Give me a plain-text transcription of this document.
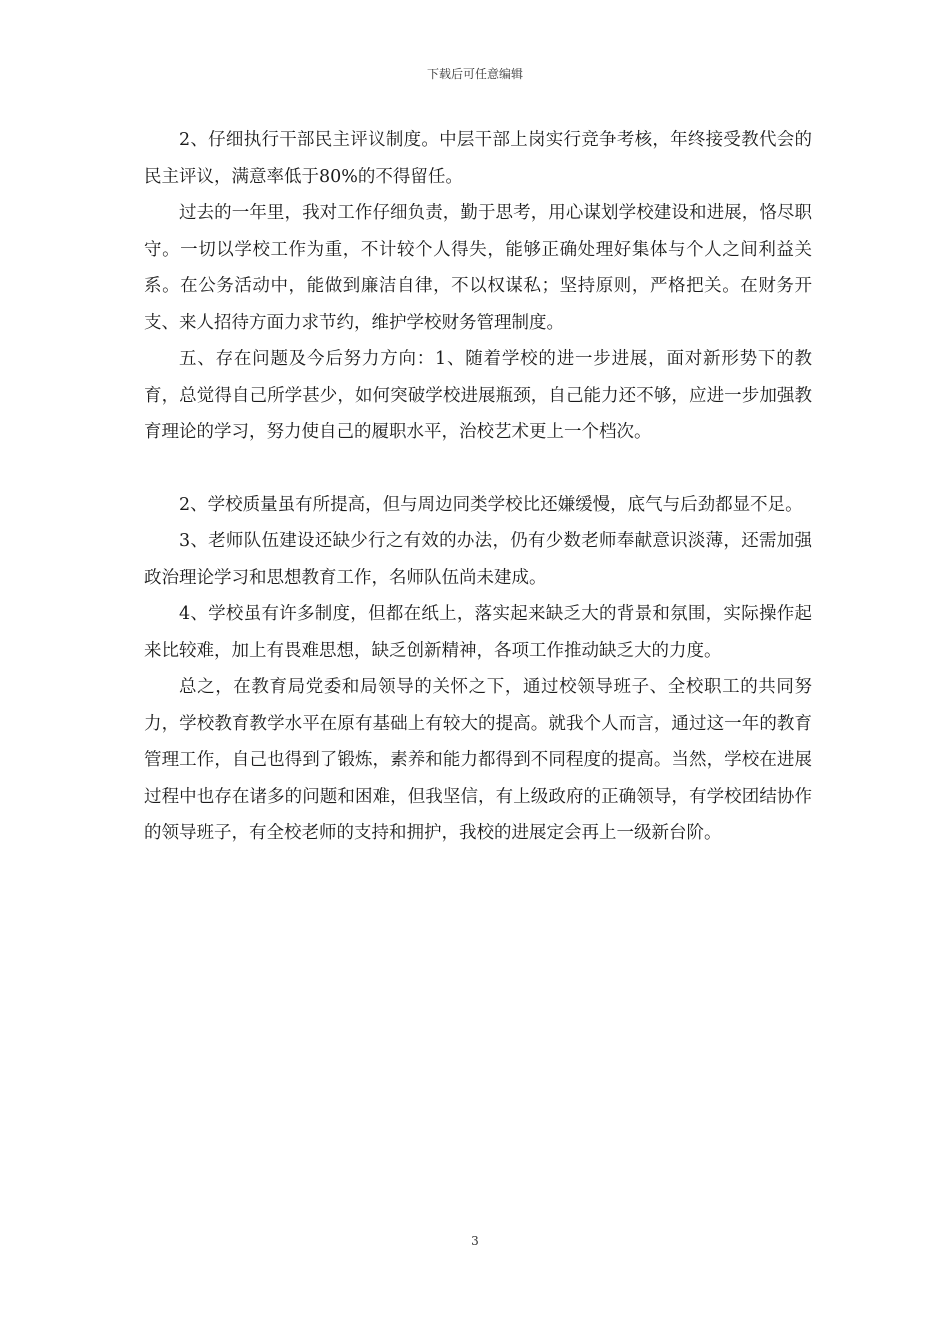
下载后可任意编辑

2、仔细执行干部民主评议制度。中层干部上岗实行竞争考核，年终接受教代会的民主评议，满意率低于80%的不得留任。

过去的一年里，我对工作仔细负责，勤于思考，用心谋划学校建设和进展，恪尽职守。一切以学校工作为重，不计较个人得失，能够正确处理好集体与个人之间利益关系。在公务活动中，能做到廉洁自律，不以权谋私；坚持原则，严格把关。在财务开支、来人招待方面力求节约，维护学校财务管理制度。

五、存在问题及今后努力方向：1、随着学校的进一步进展，面对新形势下的教育，总觉得自己所学甚少，如何突破学校进展瓶颈，自己能力还不够，应进一步加强教育理论的学习，努力使自己的履职水平，治校艺术更上一个档次。

2、学校质量虽有所提高，但与周边同类学校比还嫌缓慢，底气与后劲都显不足。

3、老师队伍建设还缺少行之有效的办法，仍有少数老师奉献意识淡薄，还需加强政治理论学习和思想教育工作，名师队伍尚未建成。

4、学校虽有许多制度，但都在纸上，落实起来缺乏大的背景和氛围，实际操作起来比较难，加上有畏难思想，缺乏创新精神，各项工作推动缺乏大的力度。

总之，在教育局党委和局领导的关怀之下，通过校领导班子、全校职工的共同努力，学校教育教学水平在原有基础上有较大的提高。就我个人而言，通过这一年的教育管理工作，自己也得到了锻炼，素养和能力都得到不同程度的提高。当然，学校在进展过程中也存在诸多的问题和困难，但我坚信，有上级政府的正确领导，有学校团结协作的领导班子，有全校老师的支持和拥护，我校的进展定会再上一级新台阶。

3
